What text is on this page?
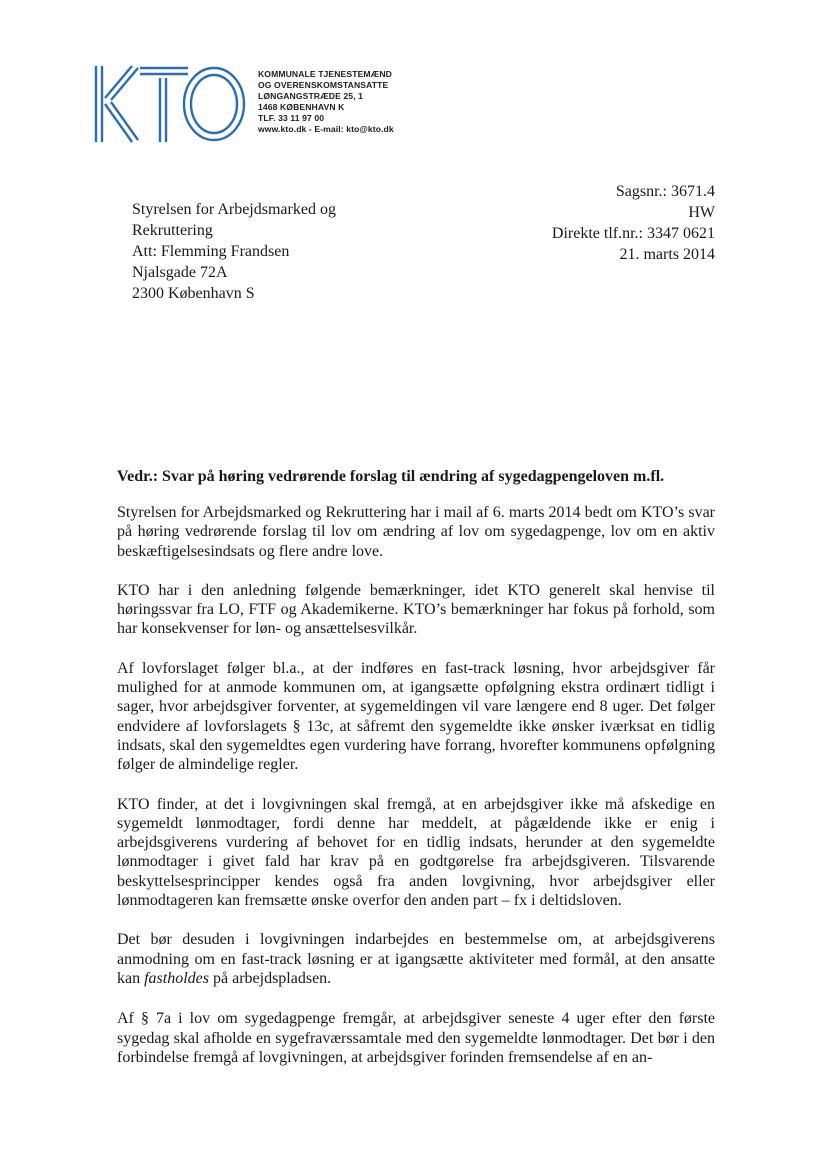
KOMMUNALE TJENESTEMÆND
OG OVERENSKOMSTANSATTE
LØNGANGSTRÆDE 25, 1
1468 KØBENHAVN K
TLF. 33 11 97 00
www.kto.dk - E-mail: kto@kto.dk
Sagsnr.: 3671.4
HW
Direkte tlf.nr.: 3347 0621
21. marts 2014
Styrelsen for Arbejdsmarked og
Rekruttering
Att: Flemming Frandsen
Njalsgade 72A
2300 København S
Vedr.: Svar på høring vedrørende forslag til ændring af sygedagpengeloven m.fl.

Styrelsen for Arbejdsmarked og Rekruttering har i mail af 6. marts 2014 bedt om KTO’s svar på høring vedrørende forslag til lov om ændring af lov om sygedagpenge, lov om en aktiv beskæftigelsesindsats og flere andre love.

KTO har i den anledning følgende bemærkninger, idet KTO generelt skal henvise til høringssvar fra LO, FTF og Akademikerne. KTO’s bemærkninger har fokus på forhold, som har konsekvenser for løn- og ansættelsesvilkår.

Af lovforslaget følger bl.a., at der indføres en fast-track løsning, hvor arbejdsgiver får mulighed for at anmode kommunen om, at igangsætte opfølgning ekstra ordinært tidligt i sager, hvor arbejdsgiver forventer, at sygemeldingen vil vare længere end 8 uger. Det følger endvidere af lovforslagets § 13c, at såfremt den sygemeldte ikke ønsker iværksat en tidlig indsats, skal den sygemeldtes egen vurdering have forrang, hvorefter kommunens opfølgning følger de almindelige regler.

KTO finder, at det i lovgivningen skal fremgå, at en arbejdsgiver ikke må afskedige en sygemeldt lønmodtager, fordi denne har meddelt, at pågældende ikke er enig i arbejdsgiverens vurdering af behovet for en tidlig indsats, herunder at den sygemeldte lønmodtager i givet fald har krav på en godtgørelse fra arbejdsgiveren. Tilsvarende beskyttelsesprincipper kendes også fra anden lovgivning, hvor arbejdsgiver eller lønmodtageren kan fremsætte ønske overfor den anden part – fx i deltidsloven.

Det bør desuden i lovgivningen indarbejdes en bestemmelse om, at arbejdsgiverens anmodning om en fast-track løsning er at igangsætte aktiviteter med formål, at den ansatte kan fastholdes på arbejdspladsen.

Af § 7a i lov om sygedagpenge fremgår, at arbejdsgiver seneste 4 uger efter den første sygedag skal afholde en sygefraværssamtale med den sygemeldte lønmodtager. Det bør i den forbindelse fremgå af lovgivningen, at arbejdsgiver forinden fremsendelse af en an-
